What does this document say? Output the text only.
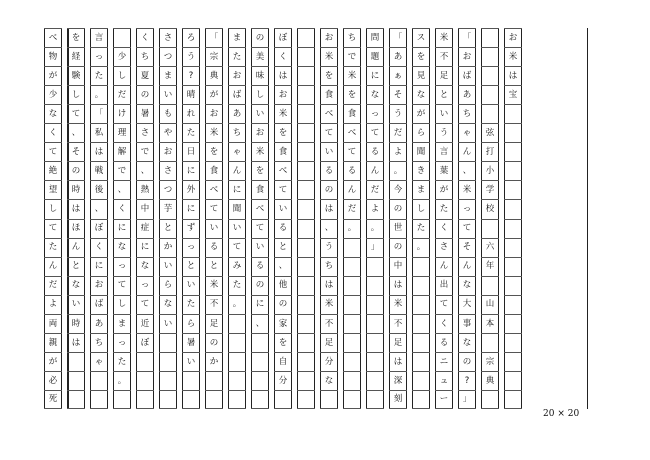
お
米
は
宝
弦
打
小
学
校
六
年
山
本
宗
典
「
お
ば
あ
ち
ゃ
ん
、
米
っ
て
そ
ん
な
大
事
な
の
?
」
米
不
足
と
い
う
言
葉
が
た
く
さ
ん
出
て
く
る
ニ
ュ
ー
ス
を
見
な
が
ら
聞
き
ま
し
た
。
「
あ
ぁ
そ
う
だ
よ
。
今
の
世
の
中
は
米
不
足
は
深
刻
問
題
に
な
っ
て
る
ん
だ
よ
。
」
ち
で
米
を
食
べ
て
る
ん
だ
。
お
米
を
食
べ
て
い
る
の
は
、
う
ち
は
米
不
足
分
な
ぼ
く
は
お
米
を
食
べ
て
い
る
と
、
他
の
家
を
自
分
の
美
味
し
い
お
米
を
食
べ
て
い
る
の
に
、
ま
た
お
ば
あ
ち
ゃ
ん
に
聞
い
て
み
た
。
「
宗
典
が
お
米
を
食
べ
て
い
る
と
米
不
足
の
か
ろ
う
?
晴
れ
た
日
に
外
に
ず
っ
と
い
た
ら
暑
い
さ
つ
ま
い
も
や
お
さ
つ
芋
と
か
い
ら
な
い
く
ち
夏
の
暑
さ
で
、
熱
中
症
に
な
っ
て
近
ぼ
少
し
だ
け
理
解
で
、
く
に
な
っ
て
し
ま
っ
た
。
言
っ
た
。
「
私
は
戦
後
、
ぼ
く
に
お
ば
あ
ち
ゃ
を
経
験
し
て
、
そ
の
時
は
ほ
ん
と
な
い
時
は
べ
物
が
少
な
く
て
絶
望
し
て
た
ん
だ
よ
両
親
が
必
死
20 × 20
